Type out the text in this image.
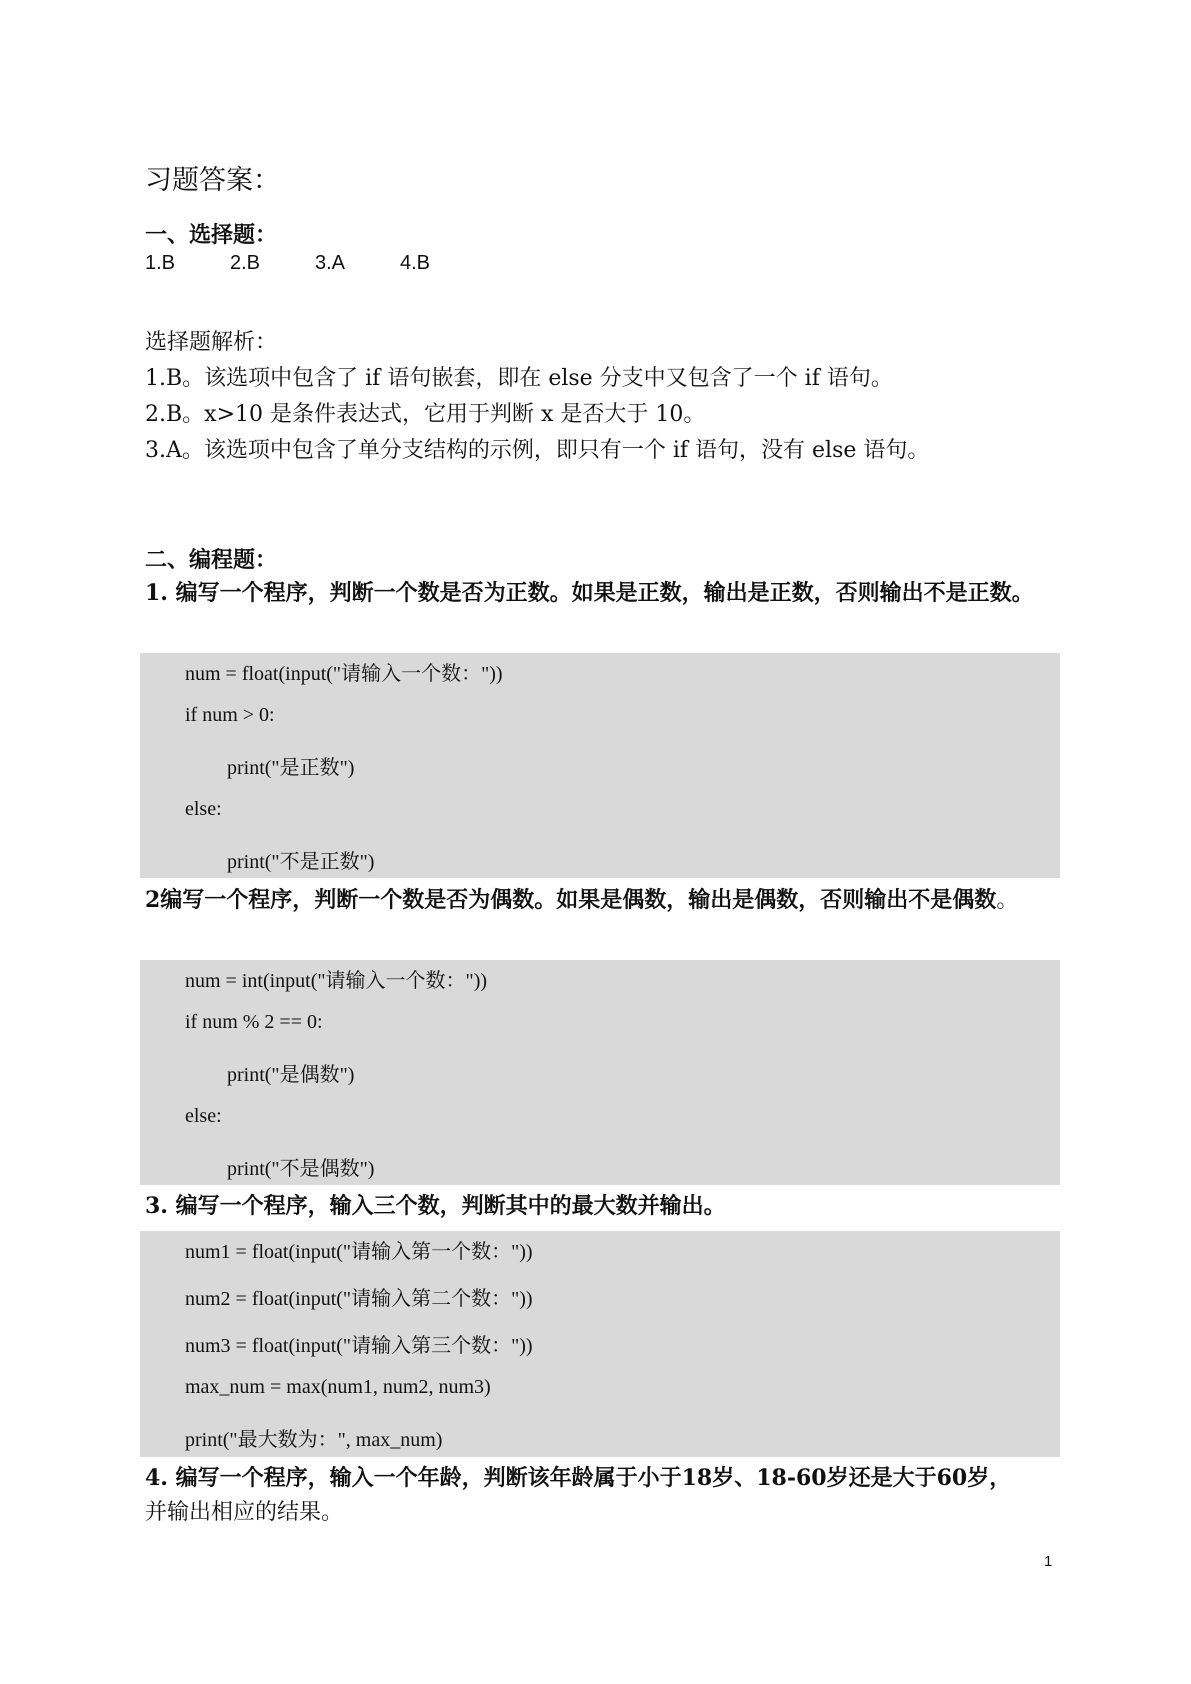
习题答案：
一、选择题：
1.B	2.B	3.A	4.B
选择题解析：
1.B。该选项中包含了 if 语句嵌套，即在 else 分支中又包含了一个 if 语句。
2.B。x>10 是条件表达式，它用于判断 x 是否大于 10。
3.A。该选项中包含了单分支结构的示例，即只有一个 if 语句，没有 else 语句。
二、编程题：
1. 编写一个程序，判断一个数是否为正数。如果是正数，输出是正数，否则输出不是正数。
num = float(input("请输入一个数："))
if num > 0:
print("是正数")
else:
print("不是正数")
2编写一个程序，判断一个数是否为偶数。如果是偶数，输出是偶数，否则输出不是偶数。
num = int(input("请输入一个数："))
if num % 2 == 0:
print("是偶数")
else:
print("不是偶数")
3. 编写一个程序，输入三个数，判断其中的最大数并输出。
num1 = float(input("请输入第一个数："))
num2 = float(input("请输入第二个数："))
num3 = float(input("请输入第三个数："))
max_num = max(num1, num2, num3)
print("最大数为：", max_num)
4. 编写一个程序，输入一个年龄，判断该年龄属于小于18岁、18-60岁还是大于60岁，
并输出相应的结果。
1
